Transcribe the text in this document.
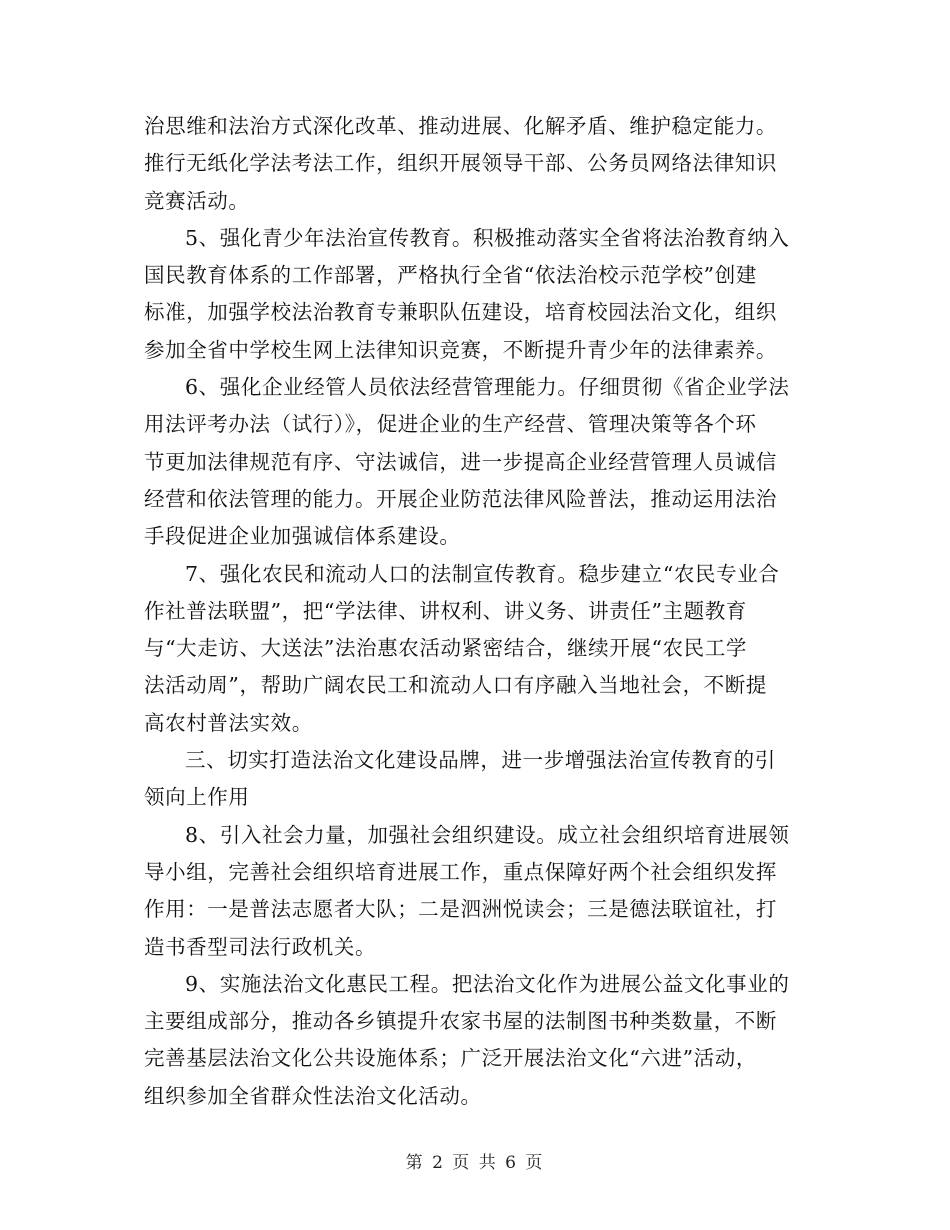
治思维和法治方式深化改革、推动进展、化解矛盾、维护稳定能力。
推行无纸化学法考法工作，组织开展领导干部、公务员网络法律知识
竞赛活动。

5、强化青少年法治宣传教育。积极推动落实全省将法治教育纳入
国民教育体系的工作部署，严格执行全省“依法治校示范学校”创建
标准，加强学校法治教育专兼职队伍建设，培育校园法治文化，组织
参加全省中学校生网上法律知识竞赛，不断提升青少年的法律素养。

6、强化企业经管人员依法经营管理能力。仔细贯彻《省企业学法
用法评考办法（试行）》，促进企业的生产经营、管理决策等各个环
节更加法律规范有序、守法诚信，进一步提高企业经营管理人员诚信
经营和依法管理的能力。开展企业防范法律风险普法，推动运用法治
手段促进企业加强诚信体系建设。

7、强化农民和流动人口的法制宣传教育。稳步建立“农民专业合
作社普法联盟”，把“学法律、讲权利、讲义务、讲责任”主题教育
与“大走访、大送法”法治惠农活动紧密结合，继续开展“农民工学
法活动周”，帮助广阔农民工和流动人口有序融入当地社会，不断提
高农村普法实效。

三、切实打造法治文化建设品牌，进一步增强法治宣传教育的引
领向上作用

8、引入社会力量，加强社会组织建设。成立社会组织培育进展领
导小组，完善社会组织培育进展工作，重点保障好两个社会组织发挥
作用：一是普法志愿者大队；二是泗洲悦读会；三是德法联谊社，打
造书香型司法行政机关。

9、实施法治文化惠民工程。把法治文化作为进展公益文化事业的
主要组成部分，推动各乡镇提升农家书屋的法制图书种类数量，不断
完善基层法治文化公共设施体系；广泛开展法治文化“六进”活动，
组织参加全省群众性法治文化活动。

第 2 页 共 6 页
